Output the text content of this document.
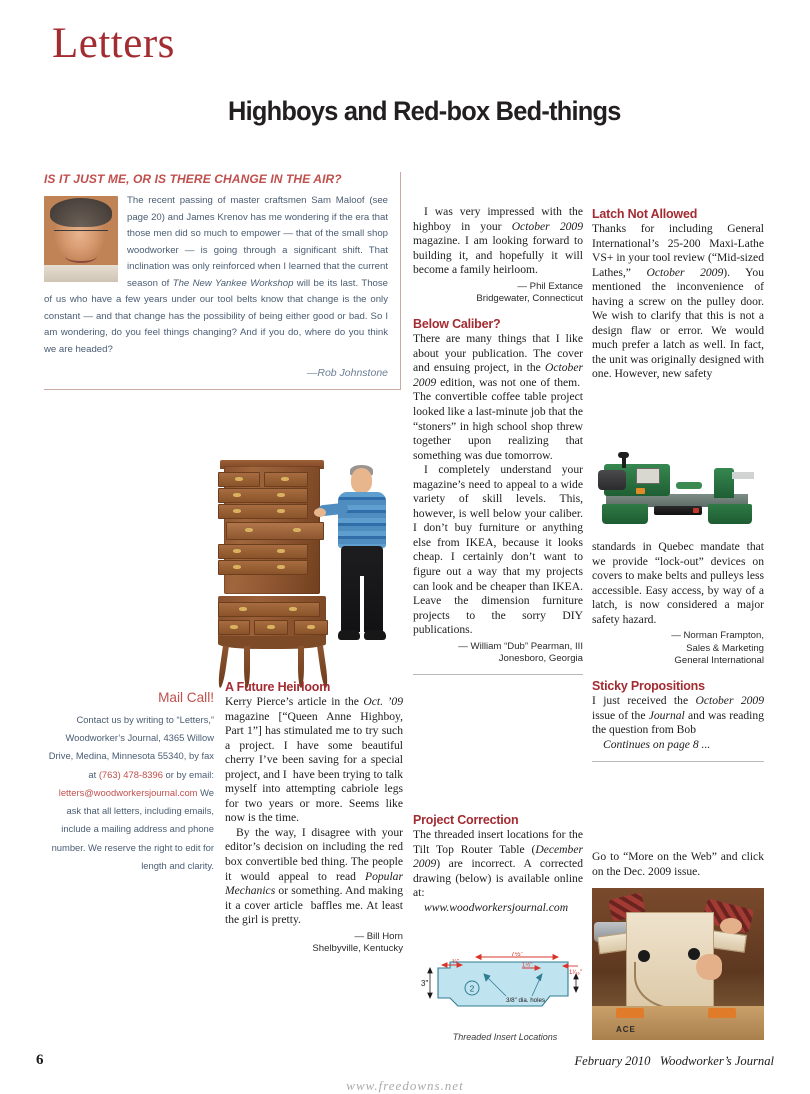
Letters
Highboys and Red-box Bed-things
IS IT JUST ME, OR IS THERE CHANGE IN THE AIR?
The recent passing of master craftsmen Sam Maloof (see page 20) and James Krenov has me wondering if the era that those men did so much to empower — that of the small shop woodworker — is going through a significant shift. That inclination was only reinforced when I learned that the current season of The New Yankee Workshop will be its last. Those of us who have a few years under our tool belts know that change is the only constant — and that change has the possibility of being either good or bad. So I am wondering, do you feel things changing? And if you do, where do you think we are headed?
—Rob Johnstone
Mail Call!
Contact us by writing to “Letters,” Woodworker’s Journal, 4365 Willow Drive, Medina, Minnesota 55340, by fax at (763) 478-8396 or by email: letters@woodworkersjournal.com We ask that all letters, including emails, include a mailing address and phone number. We reserve the right to edit for length and clarity.
A Future Heirloom

Kerry Pierce’s article in the Oct. ’09 magazine [“Queen Anne Highboy, Part 1”] has stimulated me to try such a project. I have some beautiful cherry I’ve been saving for a special project, and I  have been trying to talk myself into attempting cabriole legs for two years or more. Seems like now is the time.

By the way, I disagree with your editor’s decision on including the red box convertible bed thing. The people it would appeal to read Popular Mechanics or something. And making it a cover article  baffles me. At least the girl is pretty.

— Bill Horn
Shelbyville, Kentucky

I was very impressed with the highboy in your October 2009 magazine. I am looking forward to building it, and hopefully it will become a family heirloom.

— Phil Extance
Bridgewater, Connecticut
Below Caliber?

There are many things that I like about your publication. The cover and ensuing project, in the October 2009 edition, was not one of them.  The convertible coffee table project looked like a last-minute job that the “stoners” in high school shop threw together upon realizing that something was due tomorrow.

I completely understand your magazine’s need to appeal to a wide variety of skill levels. This, however, is well below your caliber. I don’t buy furniture or anything else from IKEA, because it looks cheap. I certainly don’t want to figure out a way that my projects can look and be cheaper than IKEA. Leave the dimension furniture projects to the sorry DIY publications.

— William “Dub” Pearman, III
Jonesboro, Georgia
Project Correction

The threaded insert locations for the Tilt Top Router Table (December 2009) are incorrect. A corrected drawing (below) is available online at:

www.woodworkersjournal.com

2
7½"
¾"	1½"
1¹⁄₁₆"
3"
3/8" dia. holes
Threaded Insert Locations
Latch Not Allowed

Thanks for including General International’s 25-200 Maxi-Lathe VS+ in your tool review (“Mid-sized Lathes,” October 2009). You mentioned the inconvenience of having a screw on the pulley door. We wish to clarify that this is not a design flaw or error. We would much prefer a latch as well. In fact, the unit was originally designed with one. However, new safety

standards in Quebec mandate that we provide “lock-out” devices on covers to make belts and pulleys less accessible. Easy access, by way of a latch, is now considered a major safety hazard.

— Norman Frampton,
Sales & Marketing
General International
Sticky Propositions

I just received the October 2009 issue of the Journal and was reading the question from Bob

Continues on page 8 ...

Go to “More on the Web” and click on the Dec. 2009 issue.

ACE
6	February 2010 Woodworker’s Journal
www.freedowns.net
